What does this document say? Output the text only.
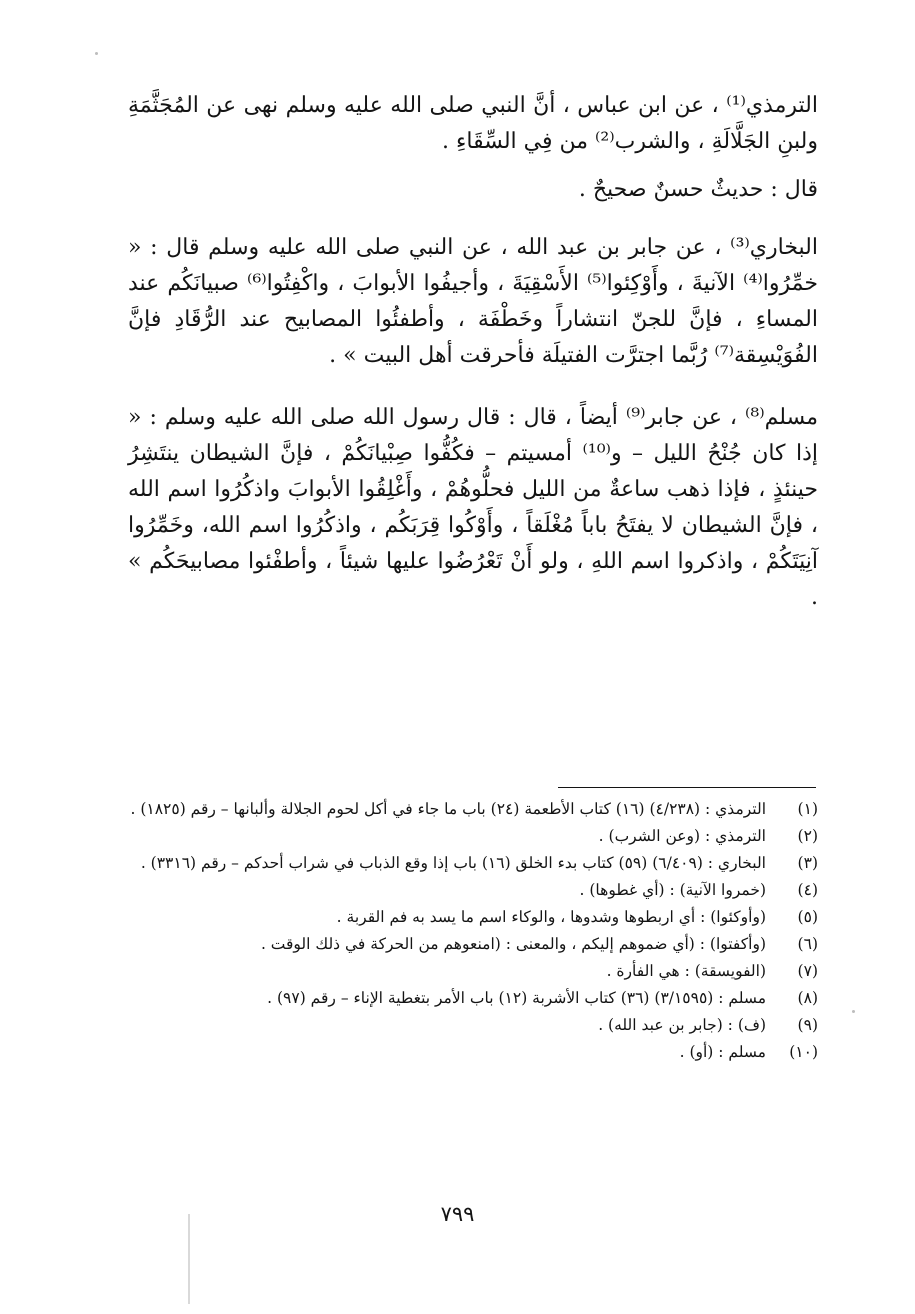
الترمذي⁽¹⁾ ، عن ابن عباس ، أنَّ النبي صلى الله عليه وسلم نهى عن المُجَثَّمَةِ ولبنِ الجَلَّالَةِ ، والشرب⁽²⁾ من فِي السِّقَاءِ .

قال : حديثٌ حسنٌ صحيحٌ .

البخاري⁽³⁾ ، عن جابر بن عبد الله ، عن النبي صلى الله عليه وسلم قال : « خمِّرُوا⁽⁴⁾ الآنيةَ ، وأَوْكِئوا⁽⁵⁾ الأَسْقِيَةَ ، وأجيفُوا الأبوابَ ، واكْفِتُوا⁽⁶⁾ صبيانَكُم عند المساءِ ، فإنَّ للجنّ انتشاراً وخَطْفَة ، وأطفئُوا المصابيح عند الرُّقَادِ فإنَّ الفُوَيْسِقة⁽⁷⁾ رُبَّما اجترَّت الفتيلَة فأحرقت أهل البيت » .

مسلم⁽⁸⁾ ، عن جابر⁽⁹⁾ أيضاً ، قال : قال رسول الله صلى الله عليه وسلم : « إذا كان جُنْحُ الليل – و⁽¹⁰⁾ أمسيتم – فكُفُّوا صِبْيانَكُمْ ، فإنَّ الشيطان ينتَشِرُ حينئذٍ ، فإذا ذهب ساعةٌ من الليل فحلُّوهُمْ ، وأَغْلِقُوا الأبوابَ واذكُرُوا اسم الله ، فإنَّ الشيطان لا يفتَحُ باباً مُغْلَقاً ، وأَوْكُوا قِرَبَكُم ، واذكُرُوا اسم الله، وخَمِّرُوا آنِيَتَكُمْ ، واذكروا اسم اللهِ ، ولو أَنْ تَعْرُضُوا عليها شيئاً ، وأطفْئوا مصابيحَكُم » .

(١)
الترمذي : (٤/٢٣٨) (١٦) كتاب الأطعمة (٢٤) باب ما جاء في أكل لحوم الجلالة وألبانها – رقم (١٨٢٥) .
(٢)
الترمذي : (وعن الشرب) .
(٣)
البخاري : (٦/٤٠٩) (٥٩) كتاب بدء الخلق (١٦) باب إذا وقع الذباب في شراب أحدكم – رقم (٣٣١٦) .
(٤)
(خمروا الآنية) : (أي غطوها) .
(٥)
(وأوكئوا) : أي اربطوها وشدوها ، والوكاء اسم ما يسد به فم القربة .
(٦)
(وأكفتوا) : (أي ضموهم إليكم ، والمعنى : (امنعوهم من الحركة في ذلك الوقت .
(٧)
(الفويسقة) : هي الفأرة .
(٨)
مسلم : (٣/١٥٩٥) (٣٦) كتاب الأشربة (١٢) باب الأمر بتغطية الإناء – رقم (٩٧) .
(٩)
(ف) : (جابر بن عبد الله) .
(١٠)
مسلم : (أو) .
٧٩٩
